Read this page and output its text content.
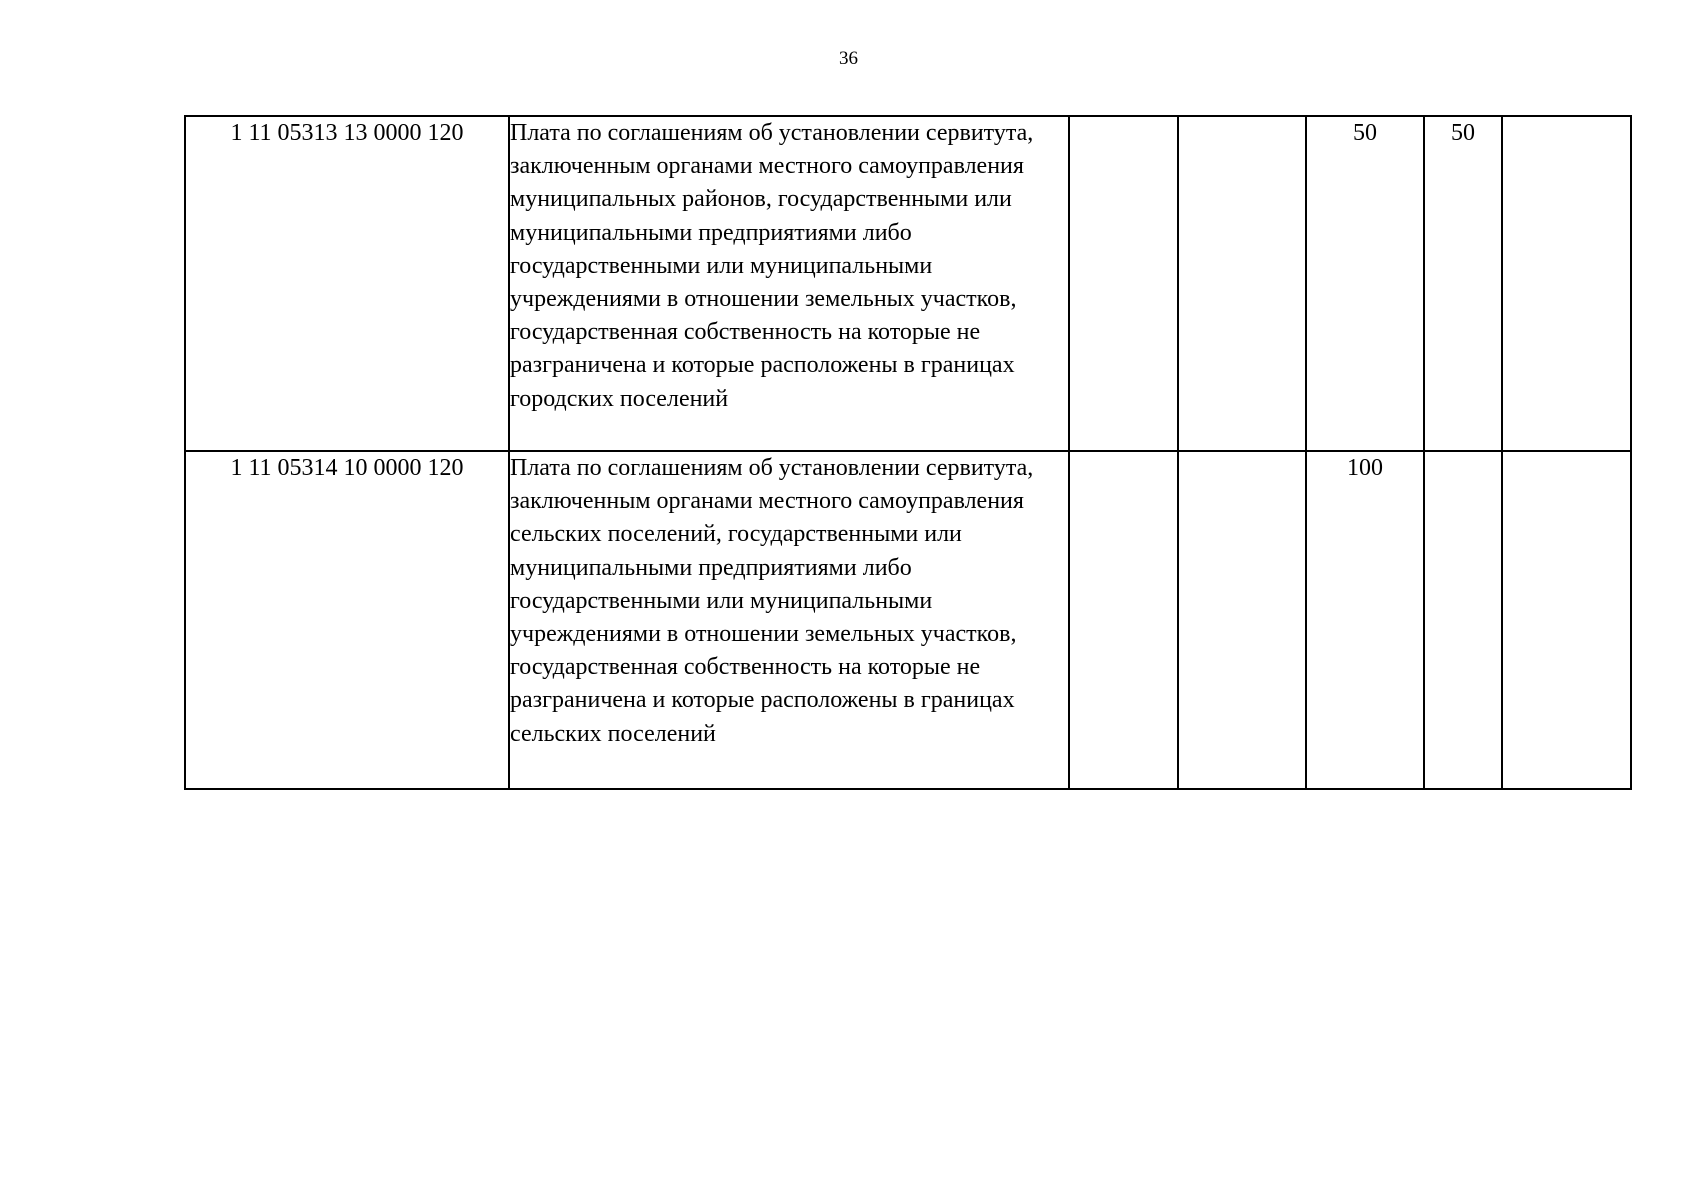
36
1 11 05313 13 0000 120	Плата по соглашениям об установлении сервитута, заключенным органами местного самоуправления муниципальных районов, государственными или муниципальными предприятиями либо государственными или муниципальными учреждениями в отношении земельных участков, государственная собственность на которые не разграничена и которые расположены в границах городских поселений			50	50	
1 11 05314 10 0000 120	Плата по соглашениям об установлении сервитута, заключенным органами местного самоуправления сельских поселений, государственными или муниципальными предприятиями либо государственными или муниципальными учреждениями в отношении земельных участков, государственная собственность на которые не разграничена и которые расположены в границах сельских поселений			100		
